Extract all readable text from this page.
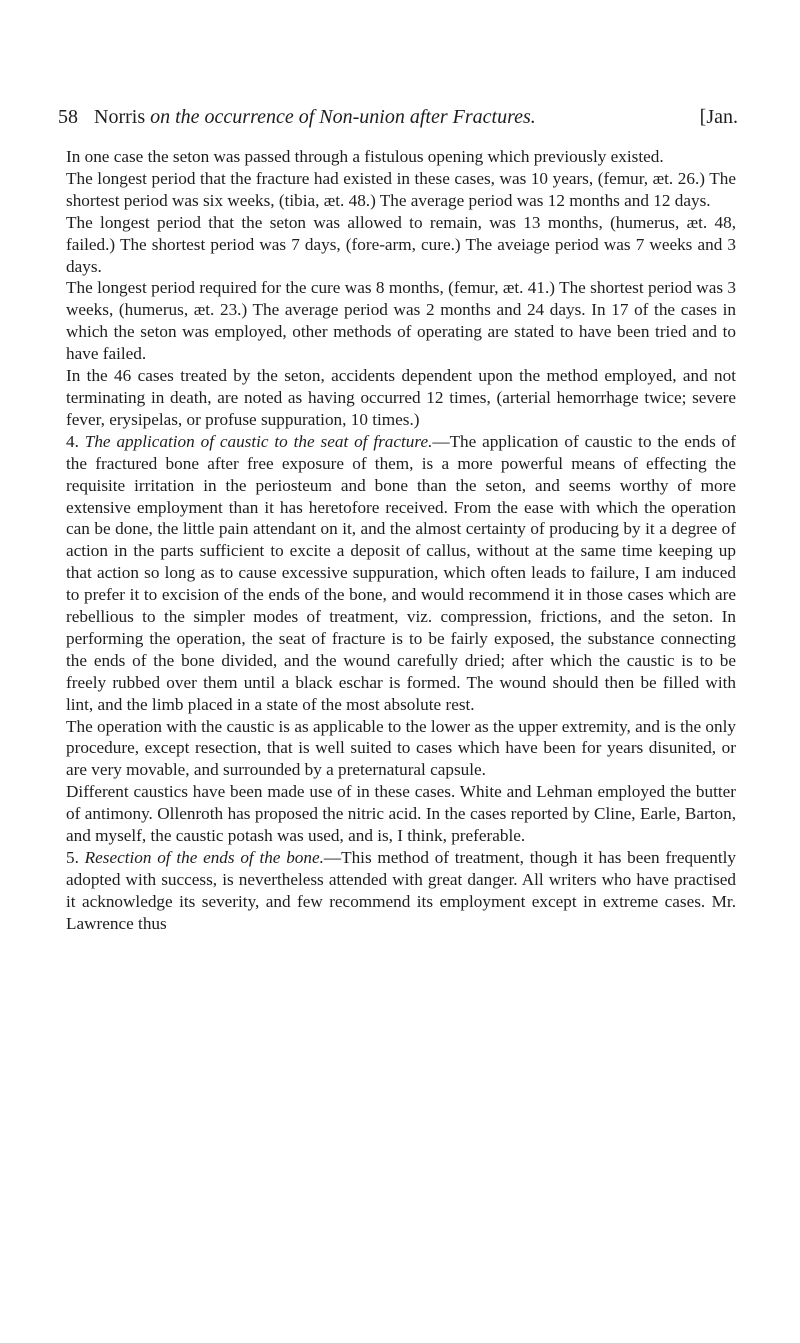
58 Norris on the occurrence of Non-union after Fractures.	[Jan.

In one case the seton was passed through a fistulous opening which previously existed.

The longest period that the fracture had existed in these cases, was 10 years, (femur, æt. 26.) The shortest period was six weeks, (tibia, æt. 48.) The average period was 12 months and 12 days.

The longest period that the seton was allowed to remain, was 13 months, (humerus, æt. 48, failed.) The shortest period was 7 days, (fore-arm, cure.) The aveiage period was 7 weeks and 3 days.

The longest period required for the cure was 8 months, (femur, æt. 41.) The shortest period was 3 weeks, (humerus, æt. 23.) The average period was 2 months and 24 days. In 17 of the cases in which the seton was employed, other methods of operating are stated to have been tried and to have failed.

In the 46 cases treated by the seton, accidents dependent upon the method employed, and not terminating in death, are noted as having occurred 12 times, (arterial hemorrhage twice; severe fever, erysipelas, or profuse suppuration, 10 times.)

4. The application of caustic to the seat of fracture.—The application of caustic to the ends of the fractured bone after free exposure of them, is a more powerful means of effecting the requisite irritation in the periosteum and bone than the seton, and seems worthy of more extensive employment than it has heretofore received. From the ease with which the operation can be done, the little pain attendant on it, and the almost certainty of producing by it a degree of action in the parts sufficient to excite a deposit of callus, without at the same time keeping up that action so long as to cause excessive suppuration, which often leads to failure, I am induced to prefer it to excision of the ends of the bone, and would recommend it in those cases which are rebellious to the simpler modes of treatment, viz. compression, frictions, and the seton. In performing the operation, the seat of fracture is to be fairly exposed, the substance connecting the ends of the bone divided, and the wound carefully dried; after which the caustic is to be freely rubbed over them until a black eschar is formed. The wound should then be filled with lint, and the limb placed in a state of the most absolute rest.

The operation with the caustic is as applicable to the lower as the upper extremity, and is the only procedure, except resection, that is well suited to cases which have been for years disunited, or are very movable, and surrounded by a preternatural capsule.

Different caustics have been made use of in these cases. White and Lehman employed the butter of antimony. Ollenroth has proposed the nitric acid. In the cases reported by Cline, Earle, Barton, and myself, the caustic potash was used, and is, I think, preferable.

5. Resection of the ends of the bone.—This method of treatment, though it has been frequently adopted with success, is nevertheless attended with great danger. All writers who have practised it acknowledge its severity, and few recommend its employment except in extreme cases. Mr. Lawrence thus
